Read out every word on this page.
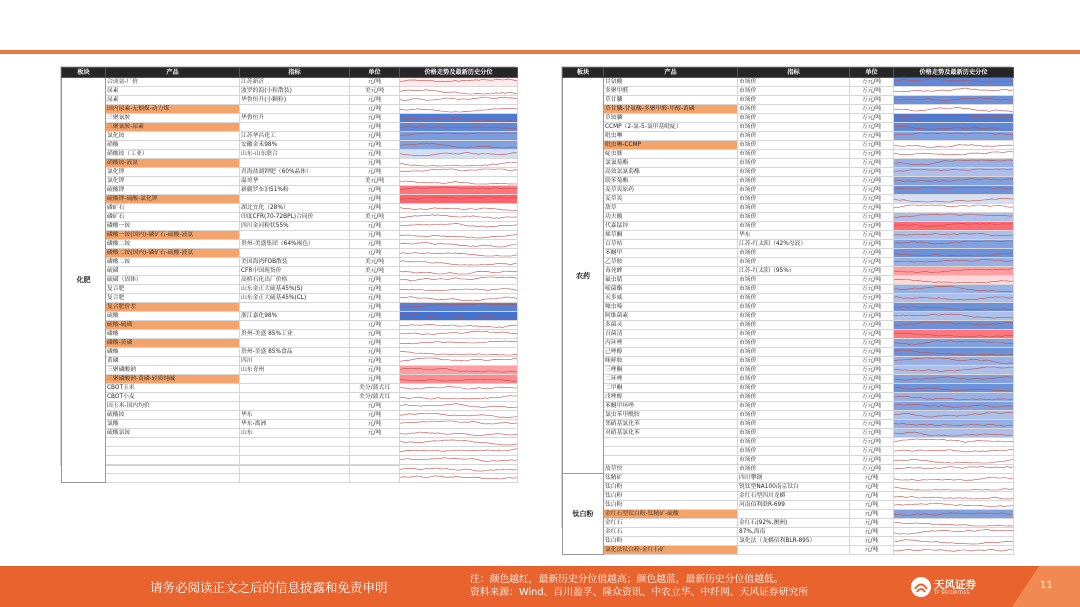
板块	产品	指标	单位	价格走势及最新历史分位
化肥	合成氨-厂价	江苏新沂	元/吨	

	尿素	波罗的海(小粒散装)	美元/吨	

	尿素	华鲁恒升(小颗粒)	元/吨	

	国内尿素-无烟煤-动力煤		元/吨	

	三聚氰胺	华鲁恒升	元/吨	

	三聚氰胺-尿素		元/吨	

	氯化铵	江苏华昌化工	元/吨	

	硝酸	安徽金禾98%	元/吨	

	硝酸铵（工业）	山东-山东联合	元/吨	

	硝酸铵-液氨		元/吨	

	氯化钾	青海盐湖钾肥（60%晶体）	元/吨	

	氯化钾	温哥华	美元/吨	

	硫酸钾	新疆罗布泊51%粉	元/吨	

	硫酸钾-硫酸-氯化钾		元/吨	

	磷矿石	湖北宜化（28%）	元/吨	

	磷矿石	印度CFR(70-72BPL)合同价	美元/吨	

	磷酸一铵	四川金河粉状55%	元/吨	

	磷酸一铵(国内)-磷矿石-硫酸-液氨		元/吨	

	磷酸二铵	贵州-美盛集团（64%褐色）	元/吨	

	磷酸二铵(国内)-磷矿石-硫酸-液氨		元/吨	

	磷酸二铵	美国海湾FOB散装	美元/吨	

	硫磺	CFR中国现货价	美元/吨	

	硫磺（固体）	高桥石化出厂价格	元/吨	

	复合肥	山东金正大硫基45%(S)	元/吨	

	复合肥	山东金正大硫基45%(CL)	元/吨	

	复合肥价差		元/吨	

	硫酸	浙江嘉化98%	元/吨	

	硫酸-硫磺		元/吨	

	磷酸	贵州-美盛 85%工业	元/吨	

	磷酸-黄磷		元/吨	

	磷酸	贵州-美盛 85%食品	元/吨	

	黄磷	四川	元/吨	

	三聚磷酸钠	山东青州	元/吨	

	三聚磷酸钠-黄磷-轻质纯碱		元/吨	

	CBOT玉米		美分/蒲式耳	

	CBOT小麦		美分/蒲式耳	

	国玉米-国内均价		元/吨	

	硫酸铵	华东	元/吨	

	氯酸	华东-离洲	元/吨	

	硫酸氯铵	山东	元/吨	

板块	产品	指标	单位	价格走势及最新历史分位
农药	甘氨酸	市场价	万元/吨	

	多聚甲醛	市场价	万元/吨	

	草甘膦	市场价	万元/吨	

	草甘膦-甘氨酸-多聚甲醛-甲醇-黄磷	市场价	万元/吨	

	草铵膦	市场价	万元/吨	

	CCMP（2-氯-5-氯甲基吡啶）	市场价	万元/吨	

	吡虫啉	市场价	万元/吨	

	吡虫啉-CCMP	市场价	万元/吨	

	啶虫脒	市场价	万元/吨	

	氯氰菊酯	市场价	万元/吨	

	高效氯氰菊酯	市场价	万元/吨	

	联苯菊酯	市场价	万元/吨	

	麦草畏原药	市场价	万元/吨	

	麦草畏	市场价	万元/吨	

	敌草	市场价	万元/吨	

	功夫酸	市场价	万元/吨	

	代森锰锌	市场价	万元/吨	

	烯草酮	华东	万元/吨	

	百草枯	江苏-红太阳（42%母液）	万元/吨	

	苯醚甲	市场价	万元/吨	

	乙草胺	市场价	万元/吨	

	毒死蜱	江苏-红太阳（95%）	万元/吨	

	氟虫腈	市场价	万元/吨	

	嘧菌酯	市场价	万元/吨	

	灭多威	市场价	万元/吨	

	噻虫嗪	市场价	万元/吨	

	阿维菌素	市场价	万元/吨	

	多菌灵	市场价	万元/吨	

	百菌清	市场价	万元/吨	

	丙环唑	市场价	万元/吨	

	己唑醇	市场价	万元/吨	

	咪鲜胺	市场价	万元/吨	

	三唑酮	市场价	万元/吨	

	二环唑	市场价	万元/吨	

	二甲酮	市场价	万元/吨	

	戊唑醇	市场价	万元/吨	

	苯醚甲环唑	市场价	万元/吨	

	氯虫苯甲酰胺	市场价	万元/吨	

	邻硝基氯化苯	市场价	万元/吨	

	对硝基氯化苯	市场价	万元/吨	

		市场价	万元/吨	

		市场价	万元/吨	

		市场价	万元/吨	

	故草快	市场价	万元/吨	

钛白粉	钛精矿	四川攀钢	元/吨	

	钛白粉	锐钛型NA100南京钛白	元/吨	

	钛白粉	金红石型四川龙蟒	元/吨	

	钛白粉	河南佰利联R-699	元/吨	

	金红石型钛白粉-钛精矿-硫酸		元/吨	

	金红石	金红石(92%,澳洲)	元/吨	

	金红石	87%,海南	元/吨	

	钛白粉	氯化法（龙蟒佰利BLR-895）	元/吨	

	氯化法钛白粉-金红石矿		元/吨	
请务必阅读正文之后的信息披露和免责申明
注：颜色越红，最新历史分位值越高；颜色越蓝，最新历史分位值越低。
资料来源：Wind、百川盈孚、隆众资讯、中农立华、中纤网、天风证券研究所
天风证券
TF SECURITIES
11
